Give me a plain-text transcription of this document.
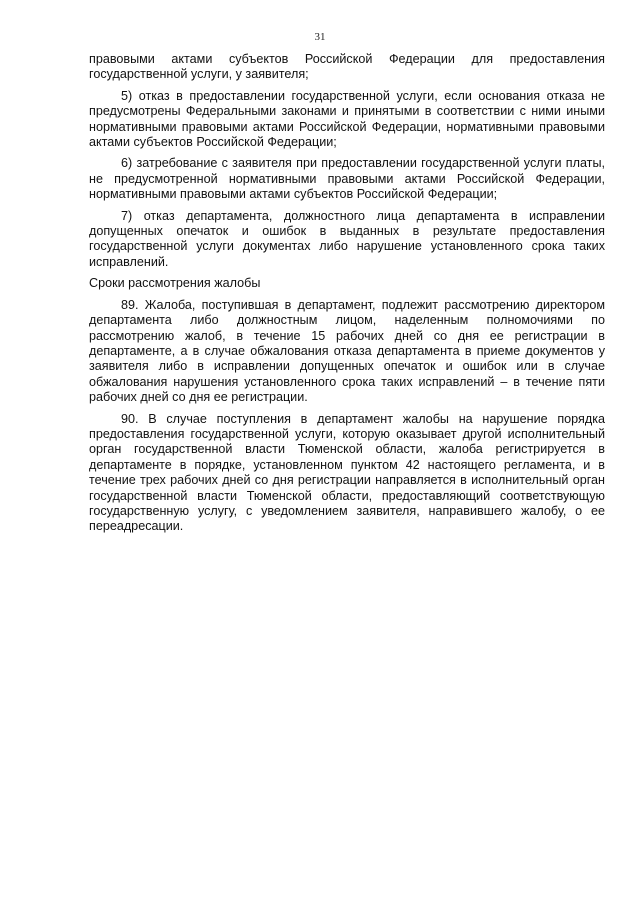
31

правовыми актами субъектов Российской Федерации для предоставления государственной услуги, у заявителя;

5) отказ в предоставлении государственной услуги, если основания отказа не предусмотрены Федеральными законами и принятыми в соответствии с ними иными нормативными правовыми актами Российской Федерации, нормативными правовыми актами субъектов Российской Федерации;

6) затребование с заявителя при предоставлении государственной услуги платы, не предусмотренной нормативными правовыми актами Российской Федерации, нормативными правовыми актами субъектов Российской Федерации;

7) отказ департамента, должностного лица департамента в исправлении допущенных опечаток и ошибок в выданных в результате предоставления государственной услуги документах либо нарушение установленного срока таких исправлений.

Сроки рассмотрения жалобы

89. Жалоба, поступившая в департамент, подлежит рассмотрению директором департамента либо должностным лицом, наделенным полномочиями по рассмотрению жалоб, в течение 15 рабочих дней со дня ее регистрации в департаменте, а в случае обжалования отказа департамента в приеме документов у заявителя либо в исправлении допущенных опечаток и ошибок или в случае обжалования нарушения установленного срока таких исправлений – в течение пяти рабочих дней со дня ее регистрации.

90. В случае поступления в департамент жалобы на нарушение порядка предоставления государственной услуги, которую оказывает другой исполнительный орган государственной власти Тюменской области, жалоба регистрируется в департаменте в порядке, установленном пунктом 42 настоящего регламента, и в течение трех рабочих дней со дня регистрации направляется в исполнительный орган государственной власти Тюменской области, предоставляющий соответствующую государственную услугу, с уведомлением заявителя, направившего жалобу, о ее переадресации.
